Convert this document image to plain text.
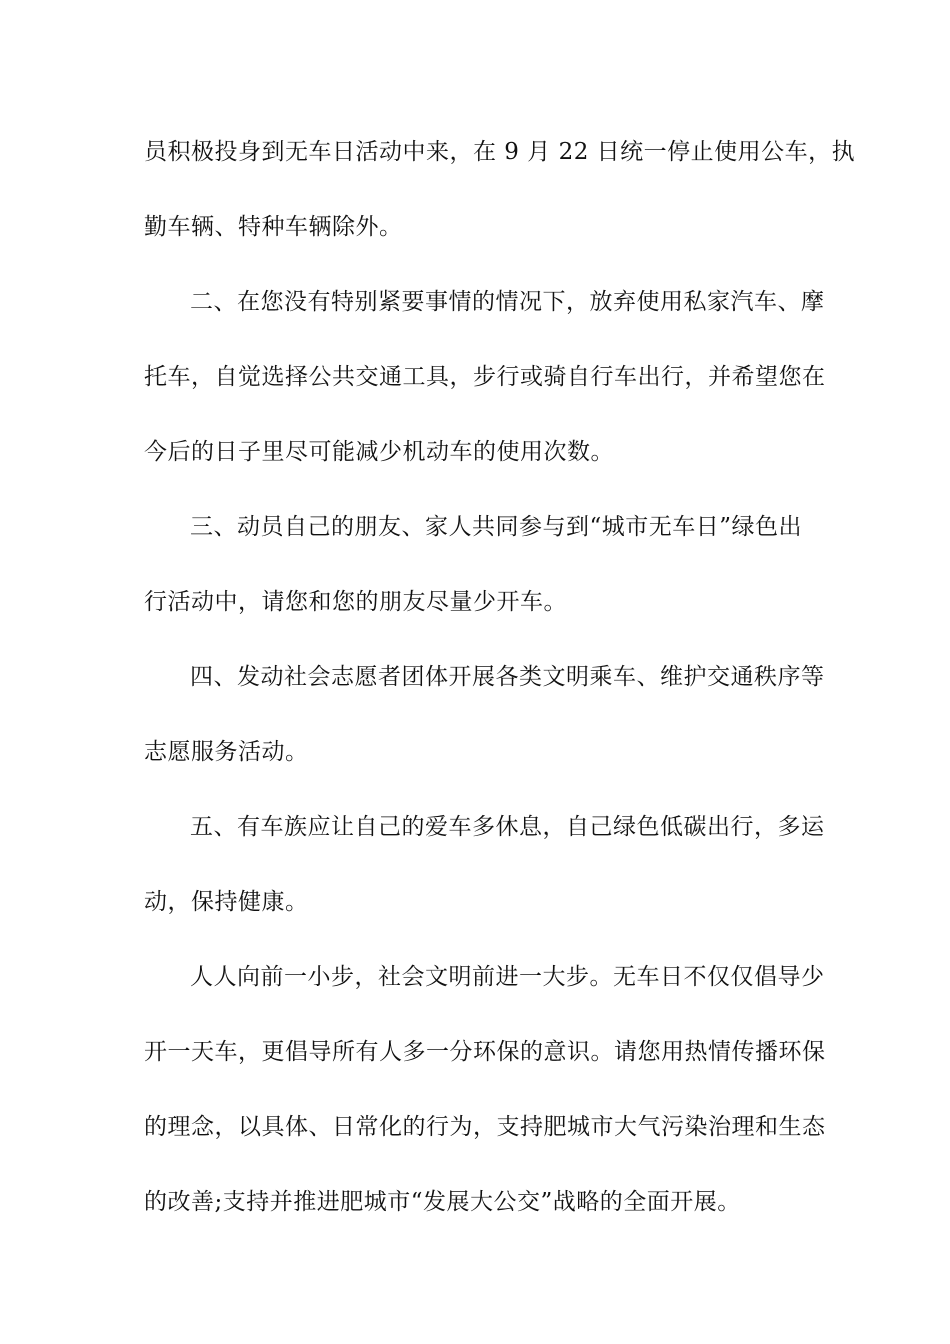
员积极投身到无车日活动中来，在 9 月 22 日统一停止使用公车，执
勤车辆、特种车辆除外。
二、在您没有特别紧要事情的情况下，放弃使用私家汽车、摩
托车，自觉选择公共交通工具，步行或骑自行车出行，并希望您在
今后的日子里尽可能减少机动车的使用次数。
三、动员自己的朋友、家人共同参与到“城市无车日”绿色出
行活动中，请您和您的朋友尽量少开车。
四、发动社会志愿者团体开展各类文明乘车、维护交通秩序等
志愿服务活动。
五、有车族应让自己的爱车多休息，自己绿色低碳出行，多运
动，保持健康。
人人向前一小步，社会文明前进一大步。无车日不仅仅倡导少
开一天车，更倡导所有人多一分环保的意识。请您用热情传播环保
的理念，以具体、日常化的行为，支持肥城市大气污染治理和生态
的改善;支持并推进肥城市“发展大公交”战略的全面开展。
